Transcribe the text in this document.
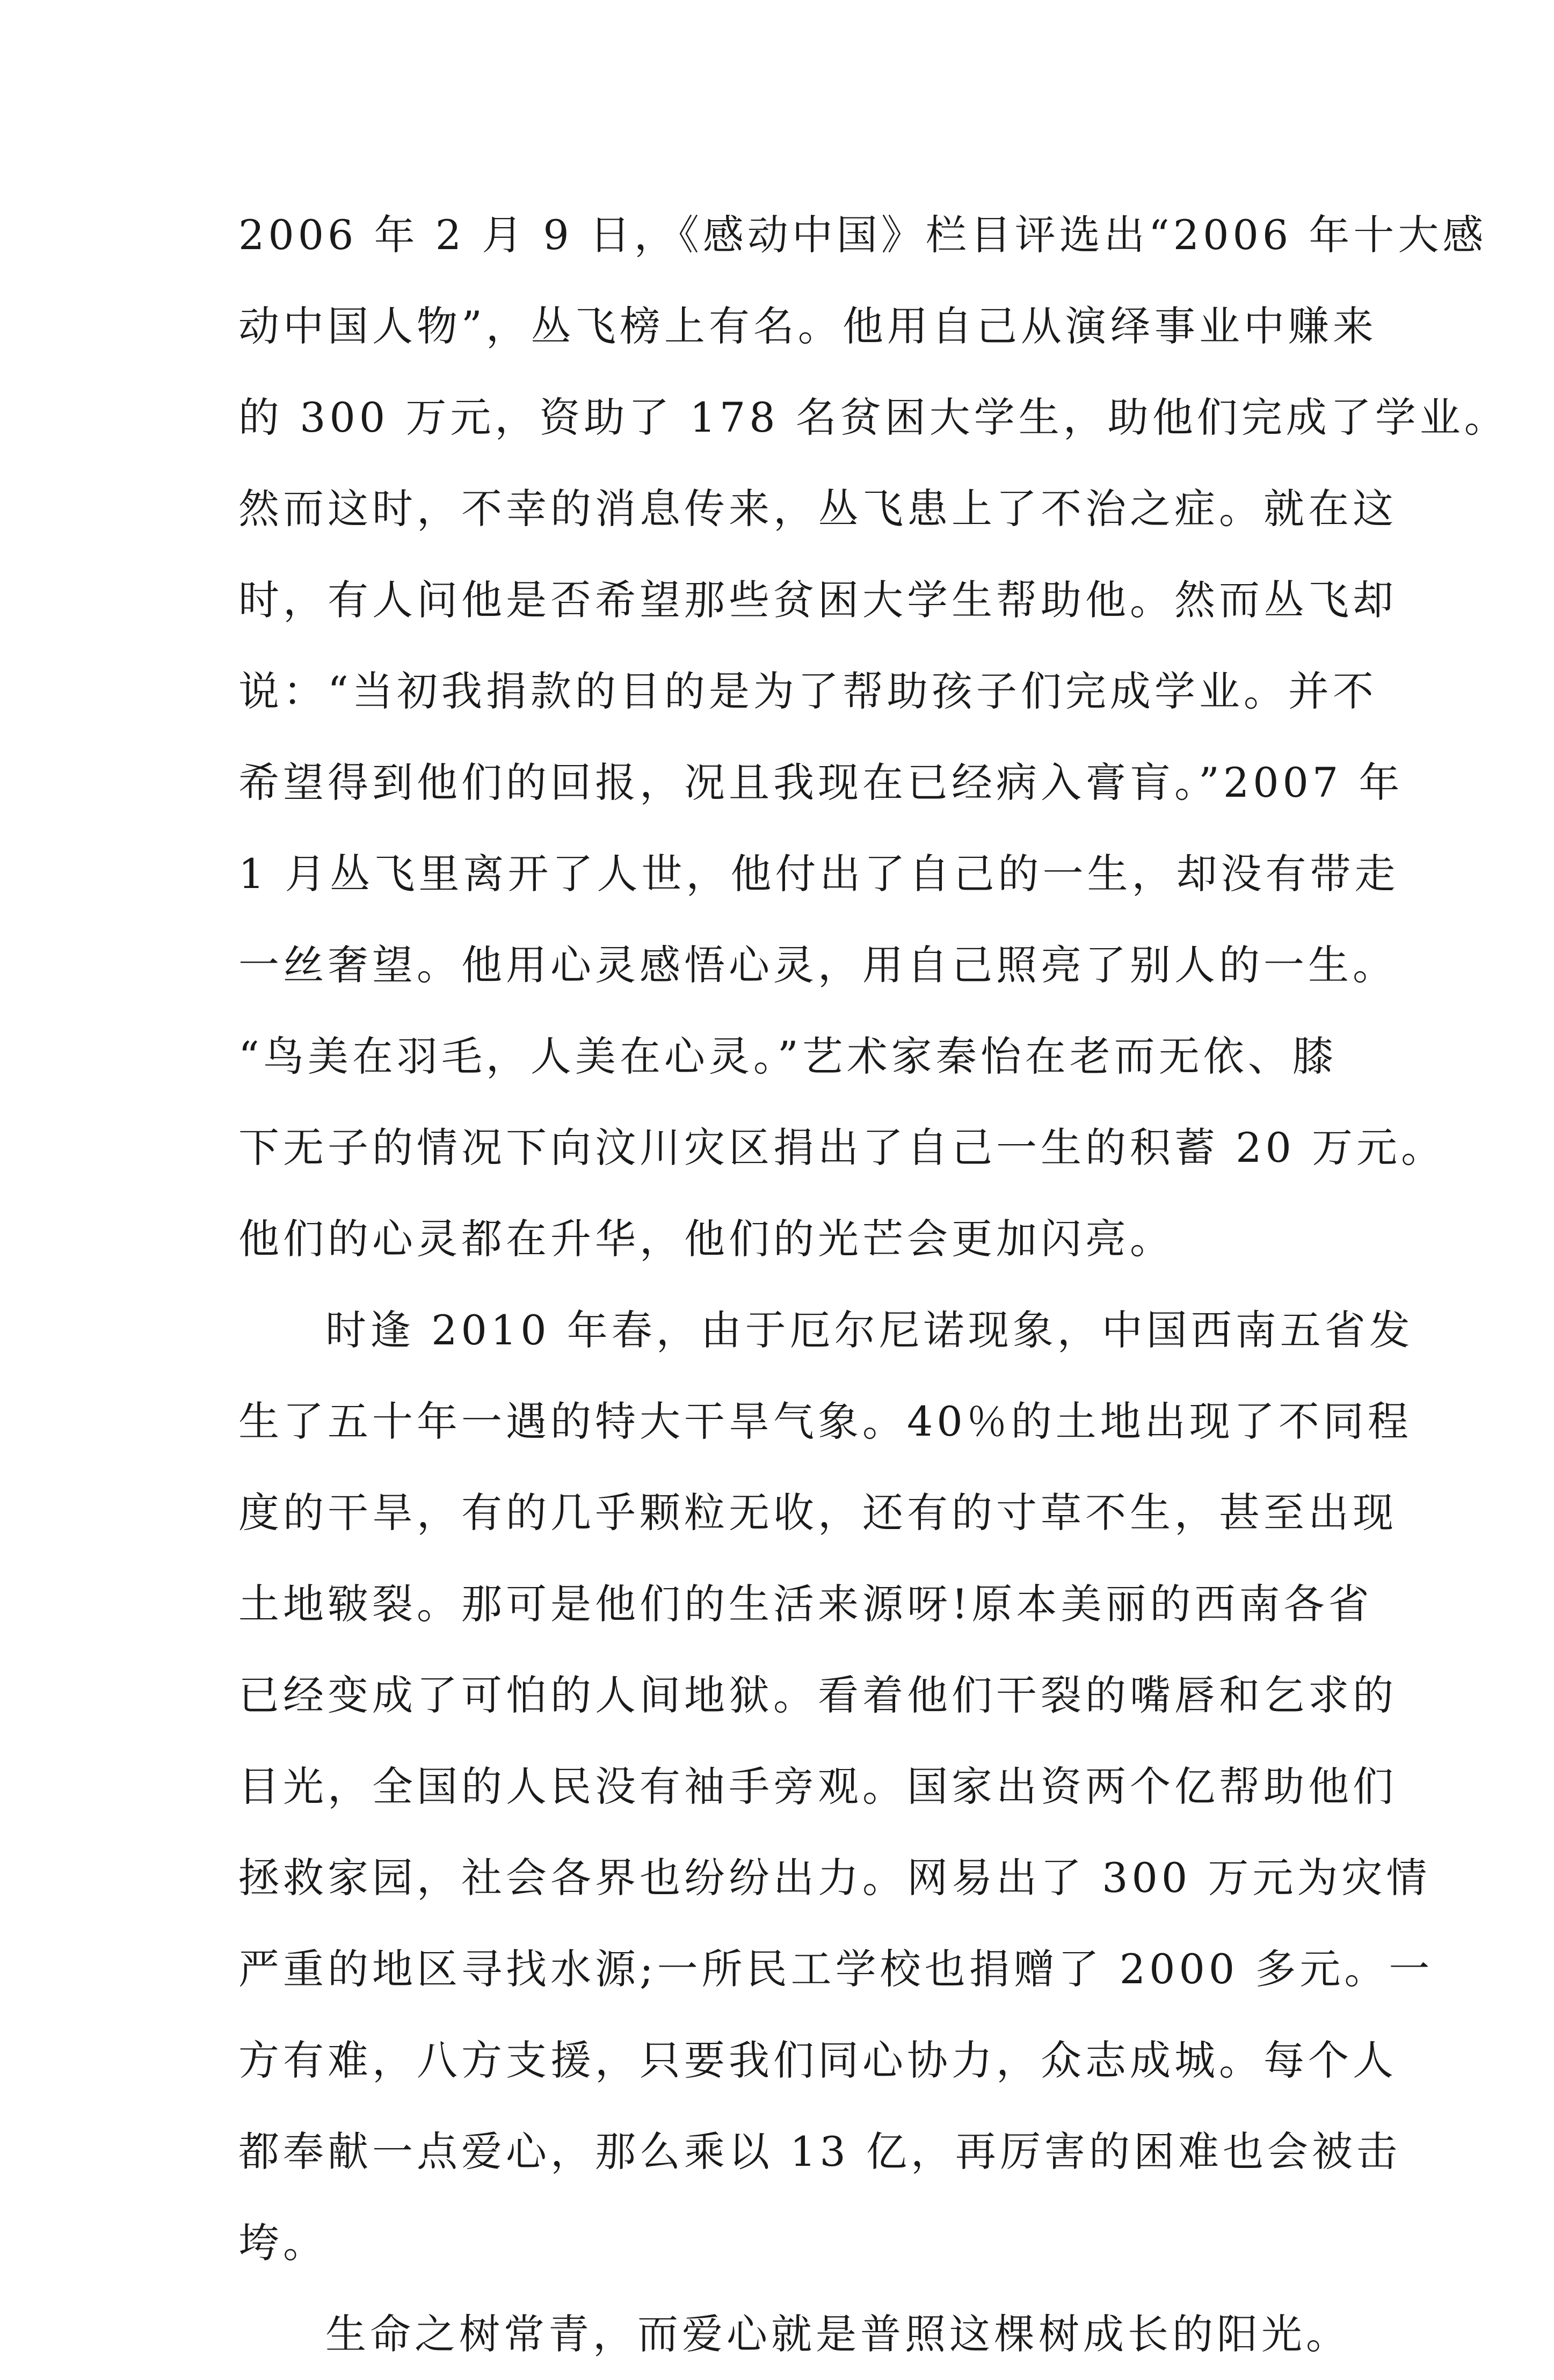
2006 年 2 月 9 日，《感动中国》栏目评选出“2006 年十大感
动中国人物”，丛飞榜上有名。他用自己从演绎事业中赚来
的 300 万元，资助了 178 名贫困大学生，助他们完成了学业。
然而这时，不幸的消息传来，丛飞患上了不治之症。就在这
时，有人问他是否希望那些贫困大学生帮助他。然而丛飞却
说：“当初我捐款的目的是为了帮助孩子们完成学业。并不
希望得到他们的回报，况且我现在已经病入膏肓。”2007 年
1 月丛飞里离开了人世，他付出了自己的一生，却没有带走
一丝奢望。他用心灵感悟心灵，用自己照亮了别人的一生。
“鸟美在羽毛，人美在心灵。”艺术家秦怡在老而无依、膝
下无子的情况下向汶川灾区捐出了自己一生的积蓄 20 万元。
他们的心灵都在升华，他们的光芒会更加闪亮。
时逢 2010 年春，由于厄尔尼诺现象，中国西南五省发
生了五十年一遇的特大干旱气象。40％的土地出现了不同程
度的干旱，有的几乎颗粒无收，还有的寸草不生，甚至出现
土地皲裂。那可是他们的生活来源呀!原本美丽的西南各省
已经变成了可怕的人间地狱。看着他们干裂的嘴唇和乞求的
目光，全国的人民没有袖手旁观。国家出资两个亿帮助他们
拯救家园，社会各界也纷纷出力。网易出了 300 万元为灾情
严重的地区寻找水源;一所民工学校也捐赠了 2000 多元。一
方有难，八方支援，只要我们同心协力，众志成城。每个人
都奉献一点爱心，那么乘以 13 亿，再厉害的困难也会被击
垮。
生命之树常青，而爱心就是普照这棵树成长的阳光。
